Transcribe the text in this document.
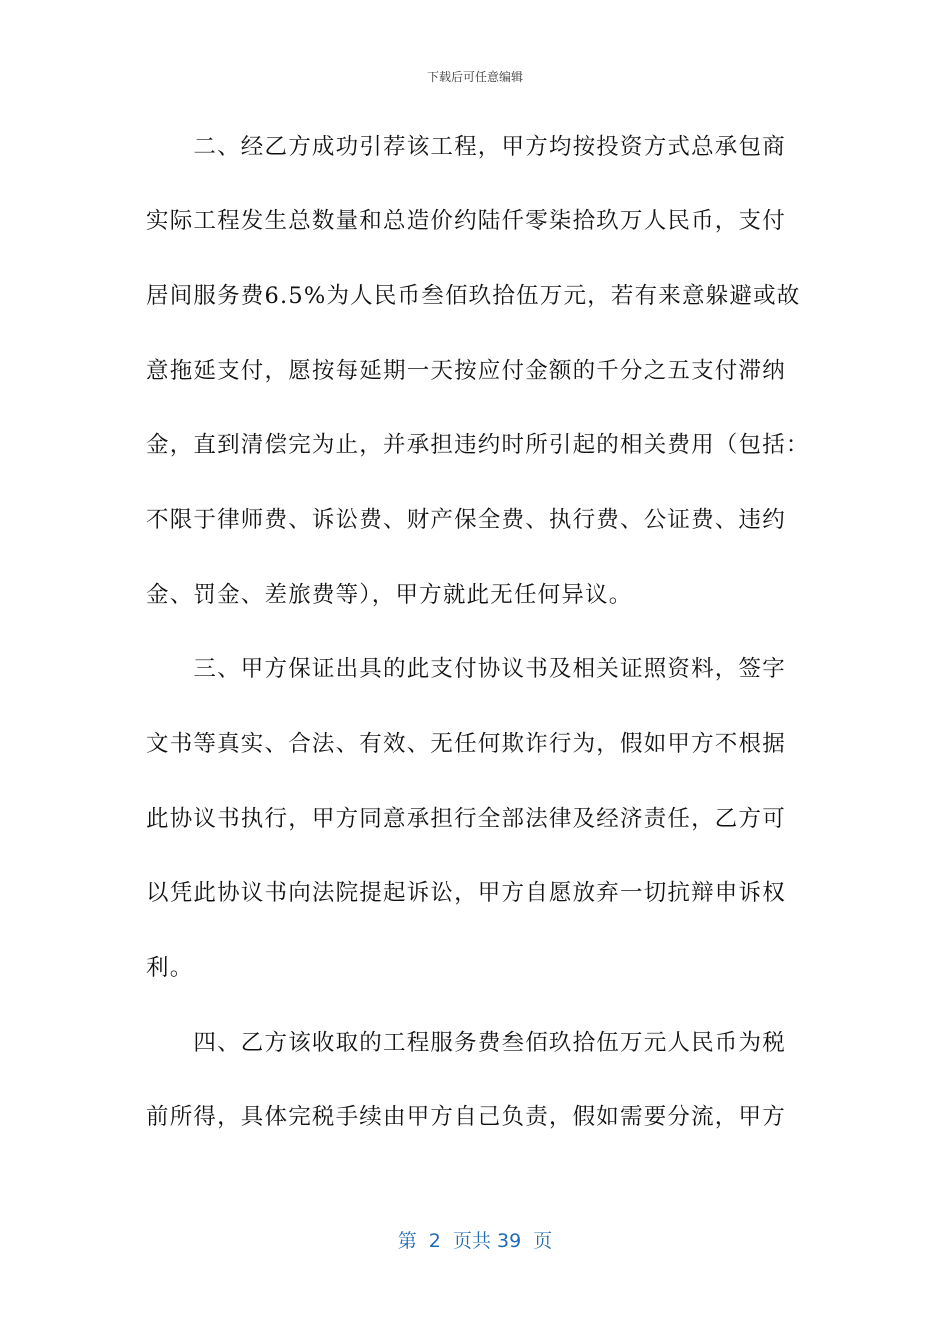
下载后可任意编辑
　　二、经乙方成功引荐该工程，甲方均按投资方式总承包商
实际工程发生总数量和总造价约陆仟零柒拾玖万人民币，支付
居间服务费6.5%为人民币叁佰玖拾伍万元，若有来意躲避或故
意拖延支付，愿按每延期一天按应付金额的千分之五支付滞纳
金，直到清偿完为止，并承担违约时所引起的相关费用（包括：
不限于律师费、诉讼费、财产保全费、执行费、公证费、违约
金、罚金、差旅费等），甲方就此无任何异议。
　　三、甲方保证出具的此支付协议书及相关证照资料，签字
文书等真实、合法、有效、无任何欺诈行为，假如甲方不根据
此协议书执行，甲方同意承担行全部法律及经济责任，乙方可
以凭此协议书向法院提起诉讼，甲方自愿放弃一切抗辩申诉权
利。
　　四、乙方该收取的工程服务费叁佰玖拾伍万元人民币为税
前所得，具体完税手续由甲方自己负责，假如需要分流，甲方
第  2  页共 39  页
